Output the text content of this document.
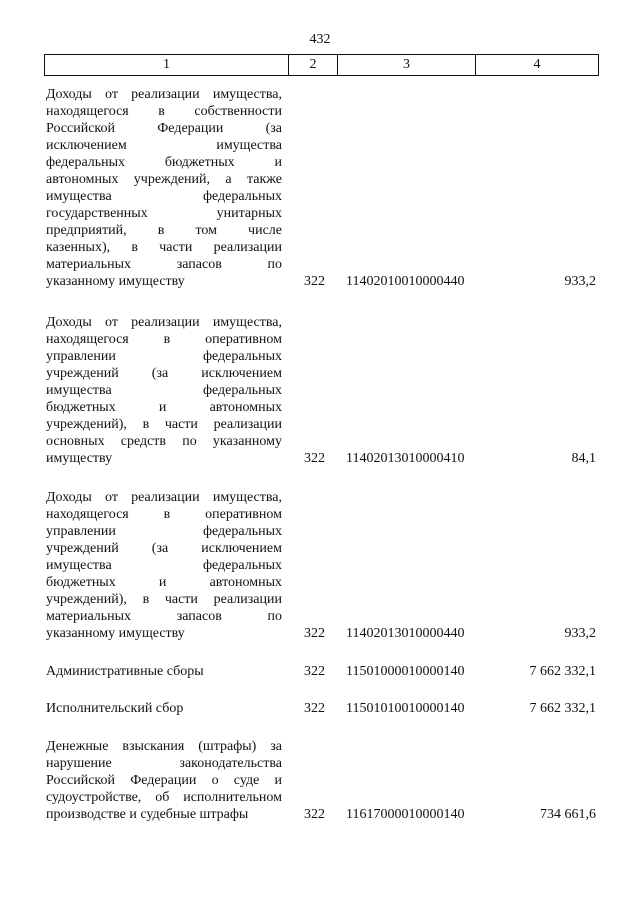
432
1	2	3	4
Доходы от реализации имущества,
находящегося в собственности
Российской Федерации (за
исключением имущества
федеральных бюджетных и
автономных учреждений, а также
имущества федеральных
государственных унитарных
предприятий, в том числе
казенных), в части реализации
материальных запасов по
указанному имуществу	322	11402010010000440	933,2
Доходы от реализации имущества,
находящегося в оперативном
управлении федеральных
учреждений (за исключением
имущества федеральных
бюджетных и автономных
учреждений), в части реализации
основных средств по указанному
имуществу	322	11402013010000410	84,1
Доходы от реализации имущества,
находящегося в оперативном
управлении федеральных
учреждений (за исключением
имущества федеральных
бюджетных и автономных
учреждений), в части реализации
материальных запасов по
указанному имуществу	322	11402013010000440	933,2
Административные сборы	322	11501000010000140	7 662 332,1
Исполнительский сбор	322	11501010010000140	7 662 332,1
Денежные взыскания (штрафы) за
нарушение законодательства
Российской Федерации о суде и
судоустройстве, об исполнительном
производстве и судебные штрафы	322	11617000010000140	734 661,6
